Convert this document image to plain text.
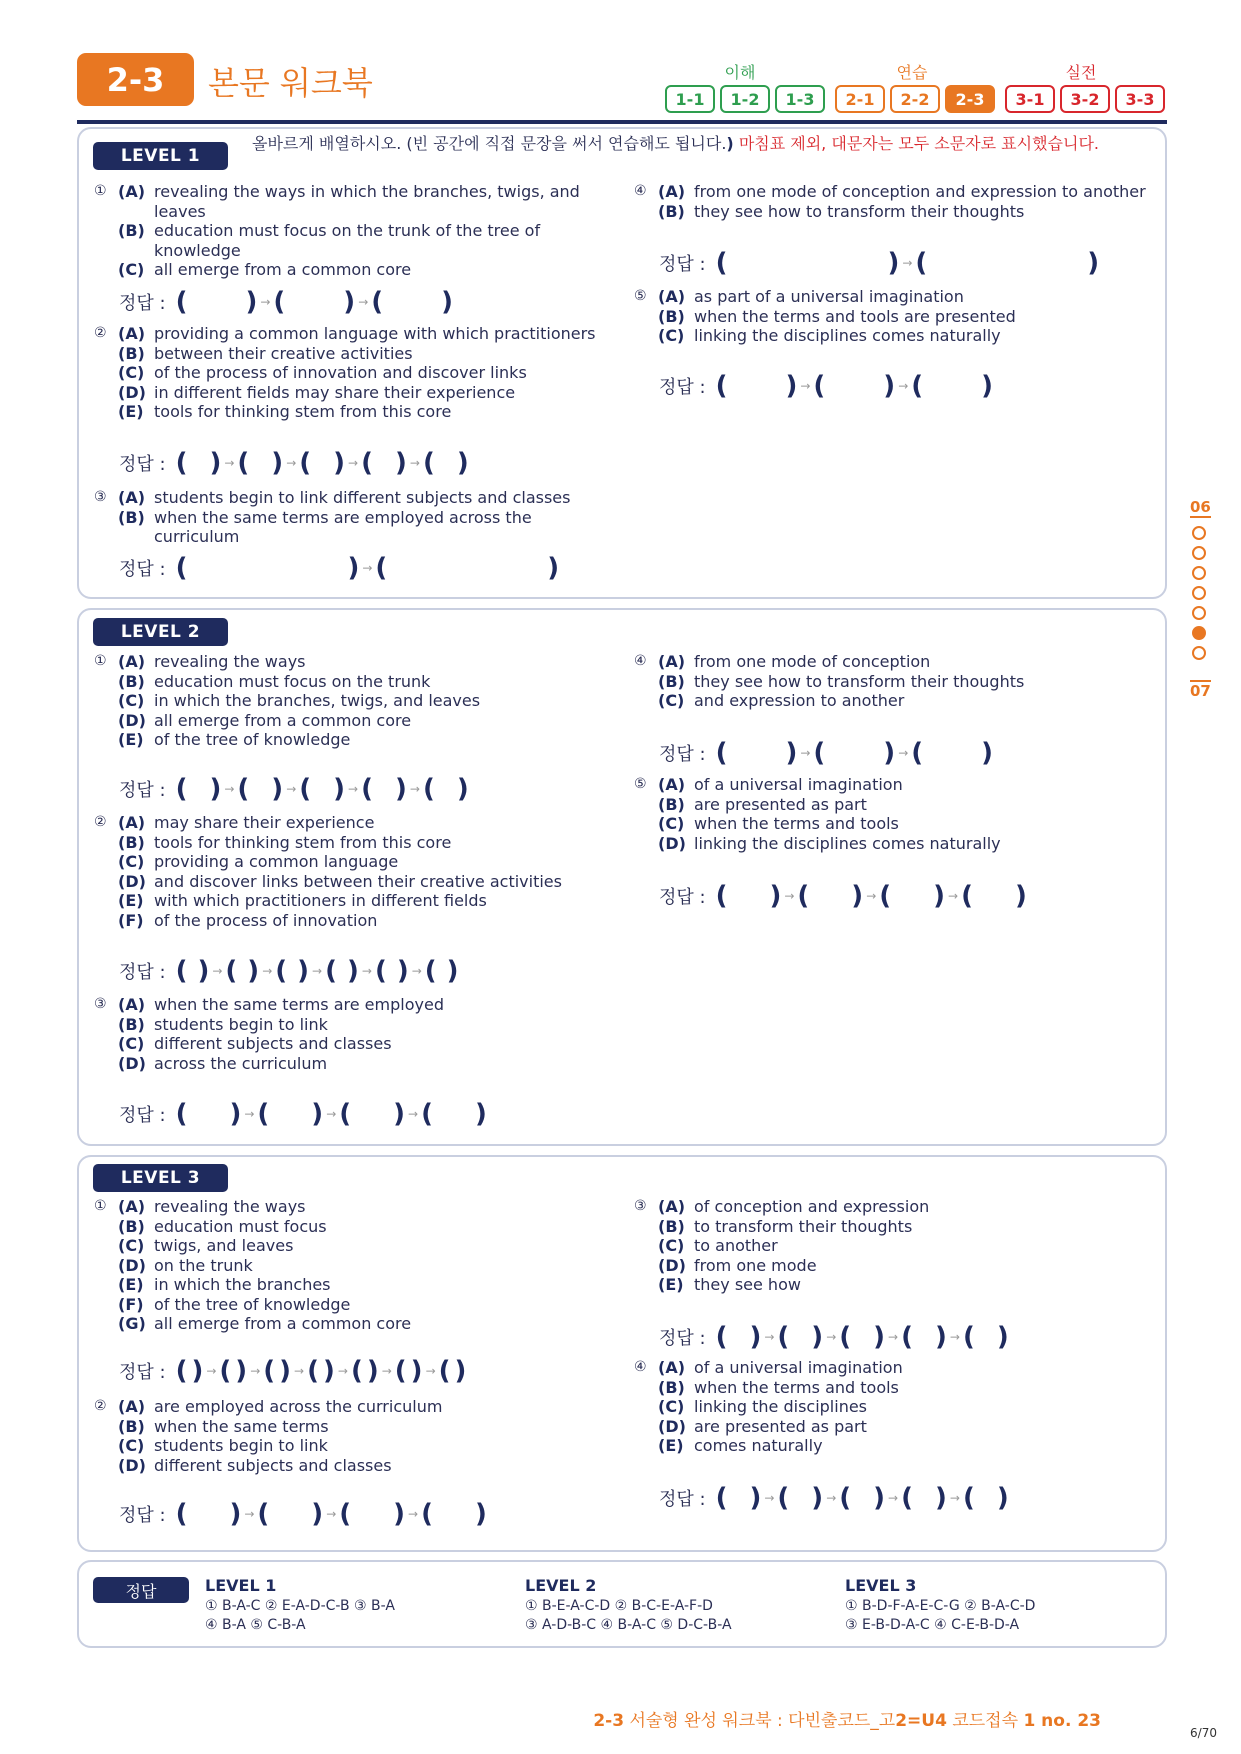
2-3	본문 워크북	이해	연습	실전
1-1	1-2	1-3	2-1	2-2	2-3	3-1	3-2	3-3
LEVEL 1
LEVEL 2
LEVEL 3
올바르게 배열하시오. (빈 공간에 직접 문장을 써서 연습해도 됩니다.) 마침표 제외, 대문자는 모두 소문자로 표시했습니다.
① (A) revealing the ways in which the branches, twigs, and leaves
(B) education must focus on the trunk of the tree of knowledge
(C) all emerge from a common core
정답 : ( ) → ( ) → ( )
② (A) providing a common language with which practitioners
(B) between their creative activities
(C) of the process of innovation and discover links
(D) in different fields may share their experience
(E) tools for thinking stem from this core
정답 : ( ) → ( ) → ( ) → ( ) → ( )
③ (A) students begin to link different subjects and classes
(B) when the same terms are employed across the curriculum
정답 : (	) → (	)
④ (A) from one mode of conception and expression to another
(B) they see how to transform their thoughts
정답 : (	) → (	)
⑤ (A) as part of a universal imagination
(B) when the terms and tools are presented
(C) linking the disciplines comes naturally
정답 : ( ) → ( ) → ( )
① (A) revealing the ways
(B) education must focus on the trunk
(C) in which the branches, twigs, and leaves
(D) all emerge from a common core
(E) of the tree of knowledge
정답 : ( ) → ( ) → ( ) → ( ) → ( )
② (A) may share their experience
(B) tools for thinking stem from this core
(C) providing a common language
(D) and discover links between their creative activities
(E) with which practitioners in different fields
(F) of the process of innovation
정답 : ( ) → ( ) → ( ) → ( ) → ( ) → ( )
③ (A) when the same terms are employed
(B) students begin to link
(C) different subjects and classes
(D) across the curriculum
정답 : ( ) → ( ) → ( ) → ( )
④ (A) from one mode of conception
(B) they see how to transform their thoughts
(C) and expression to another
정답 : ( ) → ( ) → ( )
⑤ (A) of a universal imagination
(B) are presented as part
(C) when the terms and tools
(D) linking the disciplines comes naturally
정답 : ( ) → ( ) → ( ) → ( )
① (A) revealing the ways
(B) education must focus
(C) twigs, and leaves
(D) on the trunk
(E) in which the branches
(F) of the tree of knowledge
(G) all emerge from a common core
정답 : ( ) → ( ) → ( ) → ( ) → ( ) → ( ) → ( )
② (A) are employed across the curriculum
(B) when the same terms
(C) students begin to link
(D) different subjects and classes
정답 : ( ) → ( ) → ( ) → ( )
③ (A) of conception and expression
(B) to transform their thoughts
(C) to another
(D) from one mode
(E) they see how
정답 : ( ) → ( ) → ( ) → ( ) → ( )
④ (A) of a universal imagination
(B) when the terms and tools
(C) linking the disciplines
(D) are presented as part
(E) comes naturally
정답 : ( ) → ( ) → ( ) → ( ) → ( )
정답	LEVEL 1
① B-A-C ② E-A-D-C-B ③ B-A
④ B-A ⑤ C-B-A
LEVEL 2
① B-E-A-C-D ② B-C-E-A-F-D
③ A-D-B-C ④ B-A-C ⑤ D-C-B-A
LEVEL 3
① B-D-F-A-E-C-G ② B-A-C-D
③ E-B-D-A-C ④ C-E-B-D-A
06
07
2-3 서술형 완성 워크북 : 다빈출코드_고2=U4 코드접속 1 no. 23
6/70
